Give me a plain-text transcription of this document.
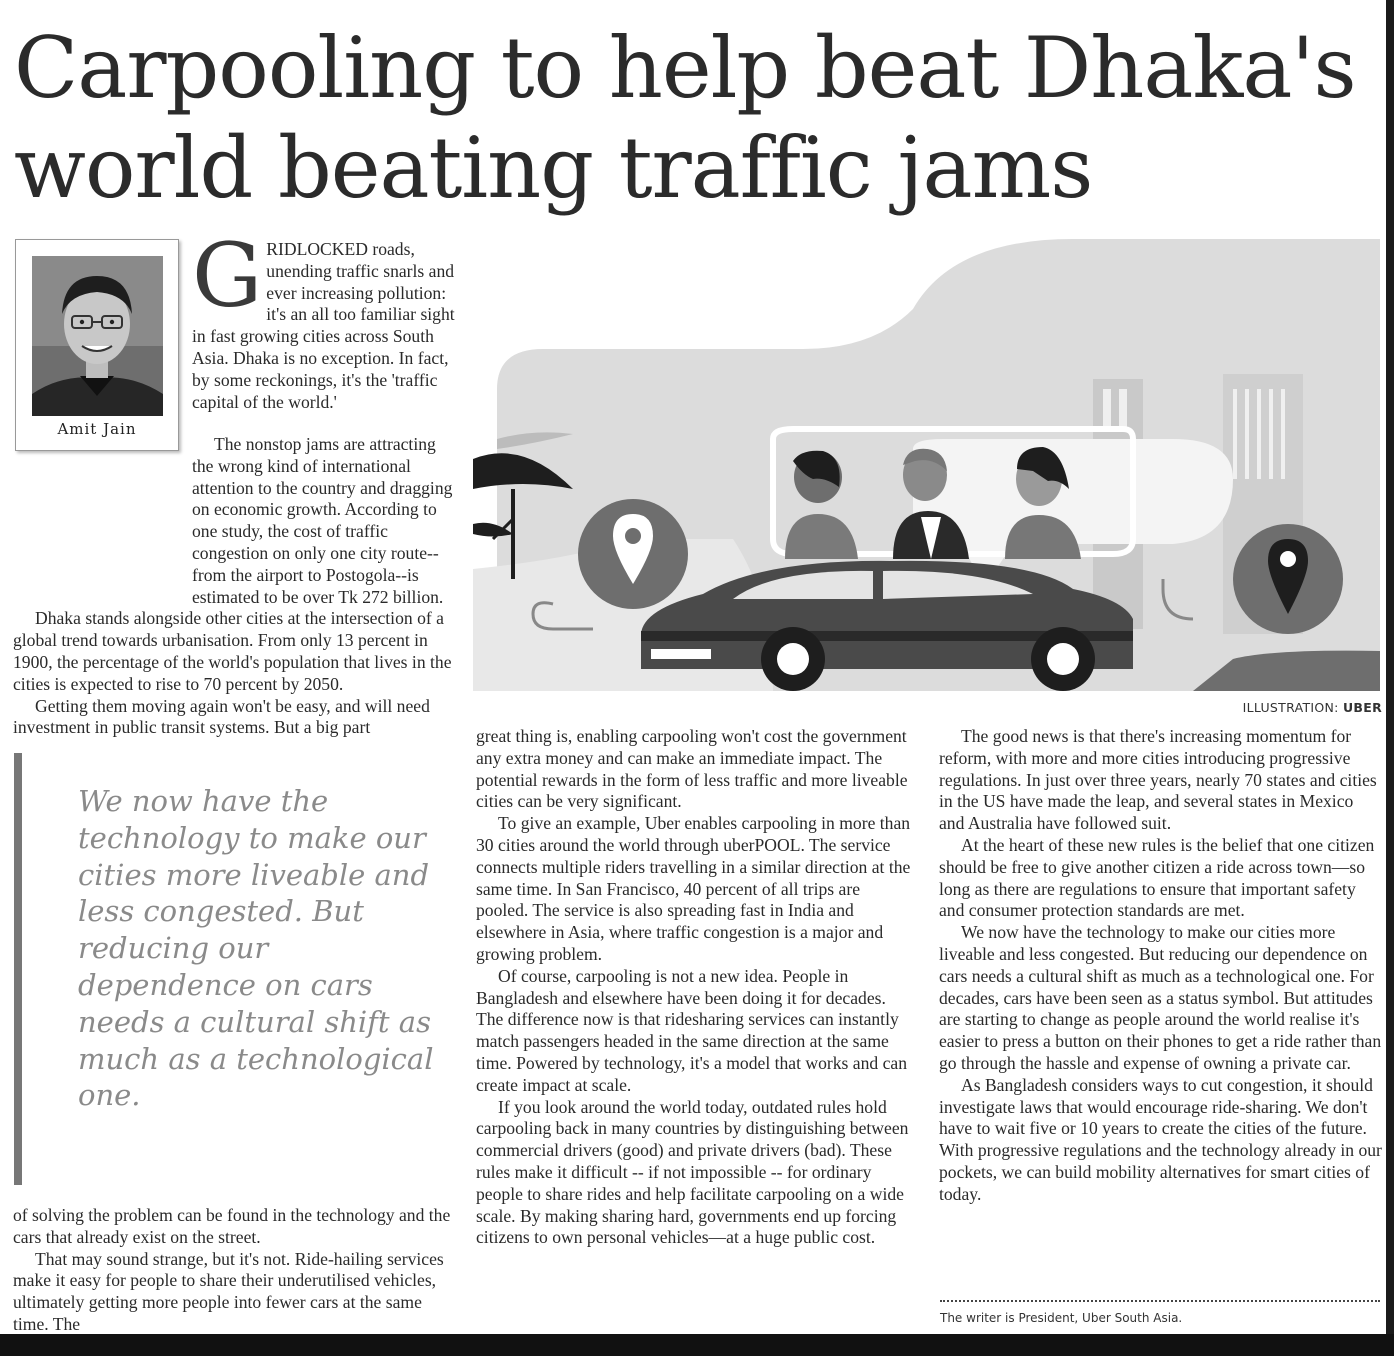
Carpooling to help beat Dhaka's world beating traffic jams
Amit Jain

GRIDLOCKED roads, unending traffic snarls and ever increasing pollution: it's an all too familiar sight in fast growing cities across South Asia. Dhaka is no exception. In fact, by some reckonings, it's the 'traffic capital of the world.'

The nonstop jams are attracting the wrong kind of international attention to the country and dragging on economic growth. According to one study, the cost of traffic congestion on only one city route--from the airport to Postogola--is estimated to be over Tk 272 billion.

Dhaka stands alongside other cities at the intersection of a global trend towards urbanisation. From only 13 percent in 1900, the percentage of the world's population that lives in the cities is expected to rise to 70 percent by 2050.

Getting them moving again won't be easy, and will need investment in public transit systems. But a big part

ILLUSTRATION: UBER

We now have the technology to make our cities more liveable and less congested. But reducing our dependence on cars needs a cultural shift as much as a technological one.

of solving the problem can be found in the technology and the cars that already exist on the street.

That may sound strange, but it's not. Ride-hailing services make it easy for people to share their underutilised vehicles, ultimately getting more people into fewer cars at the same time. The

great thing is, enabling carpooling won't cost the government any extra money and can make an immediate impact. The potential rewards in the form of less traffic and more liveable cities can be very significant.

To give an example, Uber enables carpooling in more than 30 cities around the world through uberPOOL. The service connects multiple riders travelling in a similar direction at the same time. In San Francisco, 40 percent of all trips are pooled. The service is also spreading fast in India and elsewhere in Asia, where traffic congestion is a major and growing problem.

Of course, carpooling is not a new idea. People in Bangladesh and elsewhere have been doing it for decades. The difference now is that ridesharing services can instantly match passengers headed in the same direction at the same time. Powered by technology, it's a model that works and can create impact at scale.

If you look around the world today, outdated rules hold carpooling back in many countries by distinguishing between commercial drivers (good) and private drivers (bad). These rules make it difficult -- if not impossible -- for ordinary people to share rides and help facilitate carpooling on a wide scale. By making sharing hard, governments end up forcing citizens to own personal vehicles—at a huge public cost.

The good news is that there's increasing momentum for reform, with more and more cities introducing progressive regulations. In just over three years, nearly 70 states and cities in the US have made the leap, and several states in Mexico and Australia have followed suit.

At the heart of these new rules is the belief that one citizen should be free to give another citizen a ride across town—so long as there are regulations to ensure that important safety and consumer protection standards are met.

We now have the technology to make our cities more liveable and less congested. But reducing our dependence on cars needs a cultural shift as much as a technological one. For decades, cars have been seen as a status symbol. But attitudes are starting to change as people around the world realise it's easier to press a button on their phones to get a ride rather than go through the hassle and expense of owning a private car.

As Bangladesh considers ways to cut congestion, it should investigate laws that would encourage ride-sharing. We don't have to wait five or 10 years to create the cities of the future. With progressive regulations and the technology already in our pockets, we can build mobility alternatives for smart cities of today.

The writer is President, Uber South Asia.
